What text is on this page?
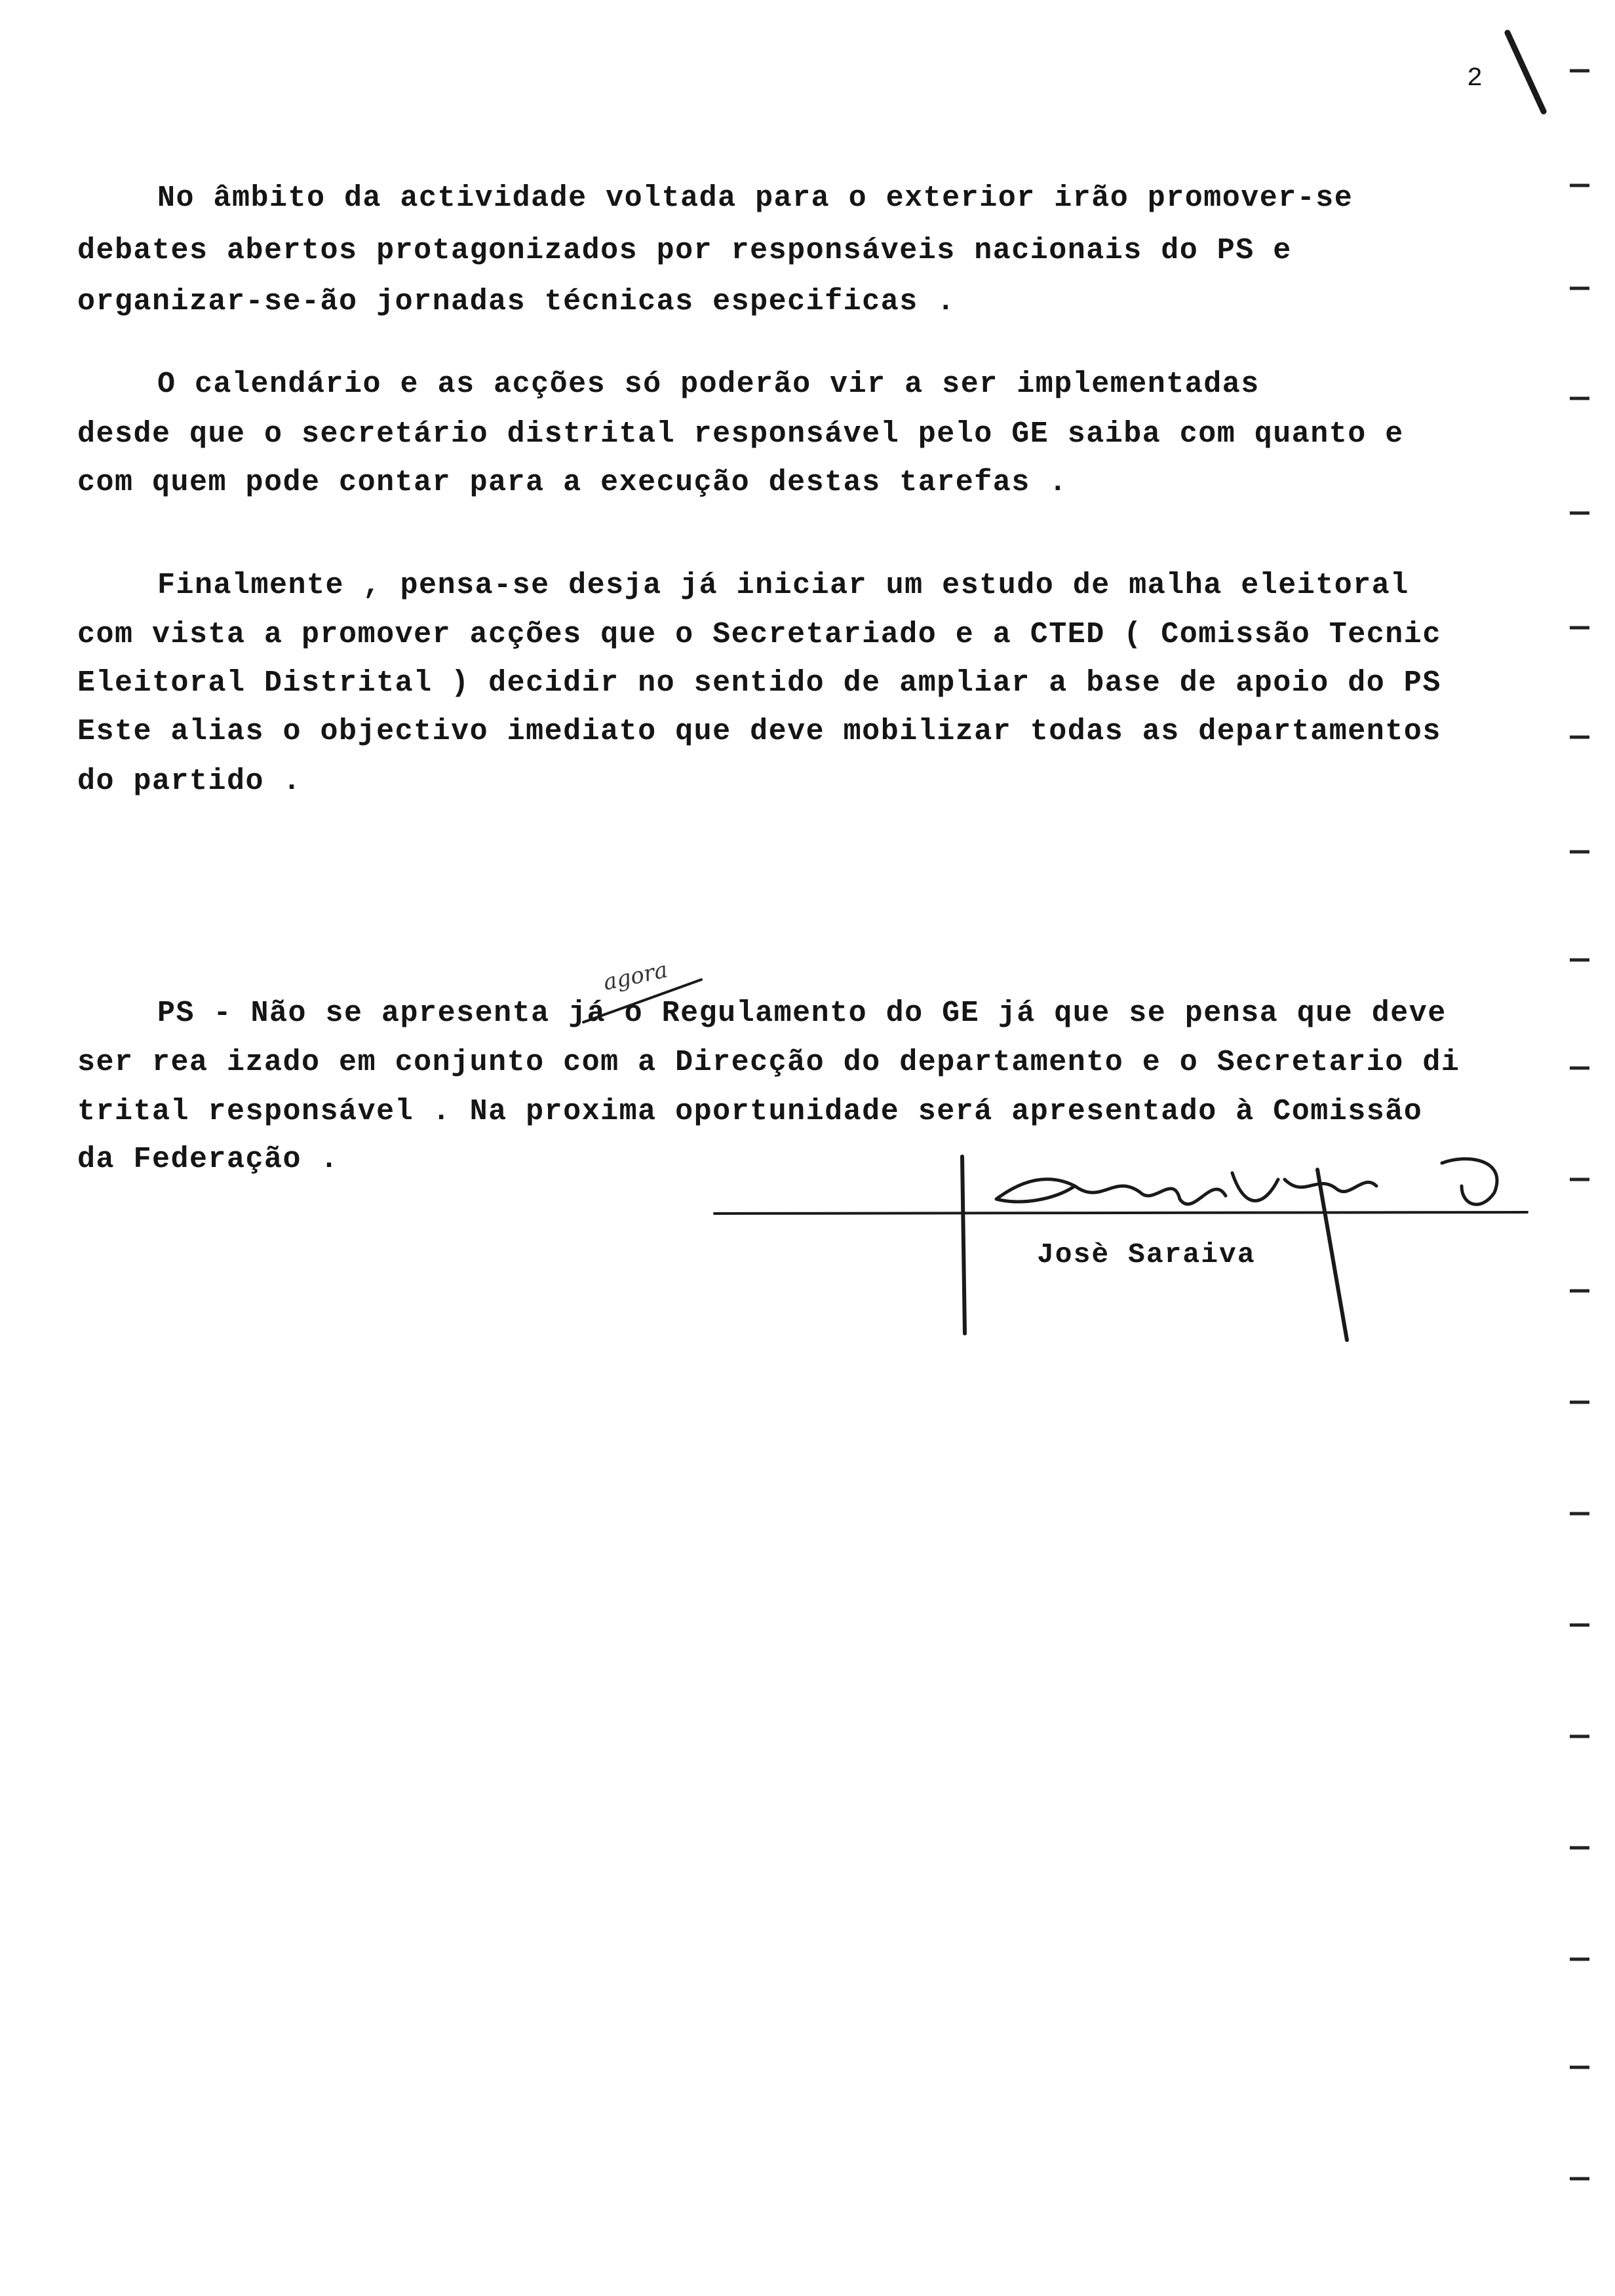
2

No âmbito da actividade voltada para o exterior irão promover-se

debates abertos protagonizados por responsáveis nacionais do PS e

organizar-se-ão jornadas técnicas especificas .

O calendário e as acções só poderão vir a ser implementadas

desde que o secretário distrital responsável pelo GE saiba com quanto e

com quem pode contar para a execução destas tarefas .

Finalmente , pensa-se desja já iniciar um estudo de malha eleitoral

com vista a promover acções que o Secretariado e a CTED ( Comissão Tecnic

Eleitoral Distrital ) decidir no sentido de ampliar a base de apoio do PS

Este alias o objectivo imediato que deve mobilizar todas as departamentos

do partido .

PS - Não se apresenta já o Regulamento do GE já que se pensa que deve

ser rea izado em conjunto com a Direcção do departamento e o Secretario di

trital responsável . Na proxima oportunidade será apresentado à Comissão

da Federação .

agora
Josè Saraiva
